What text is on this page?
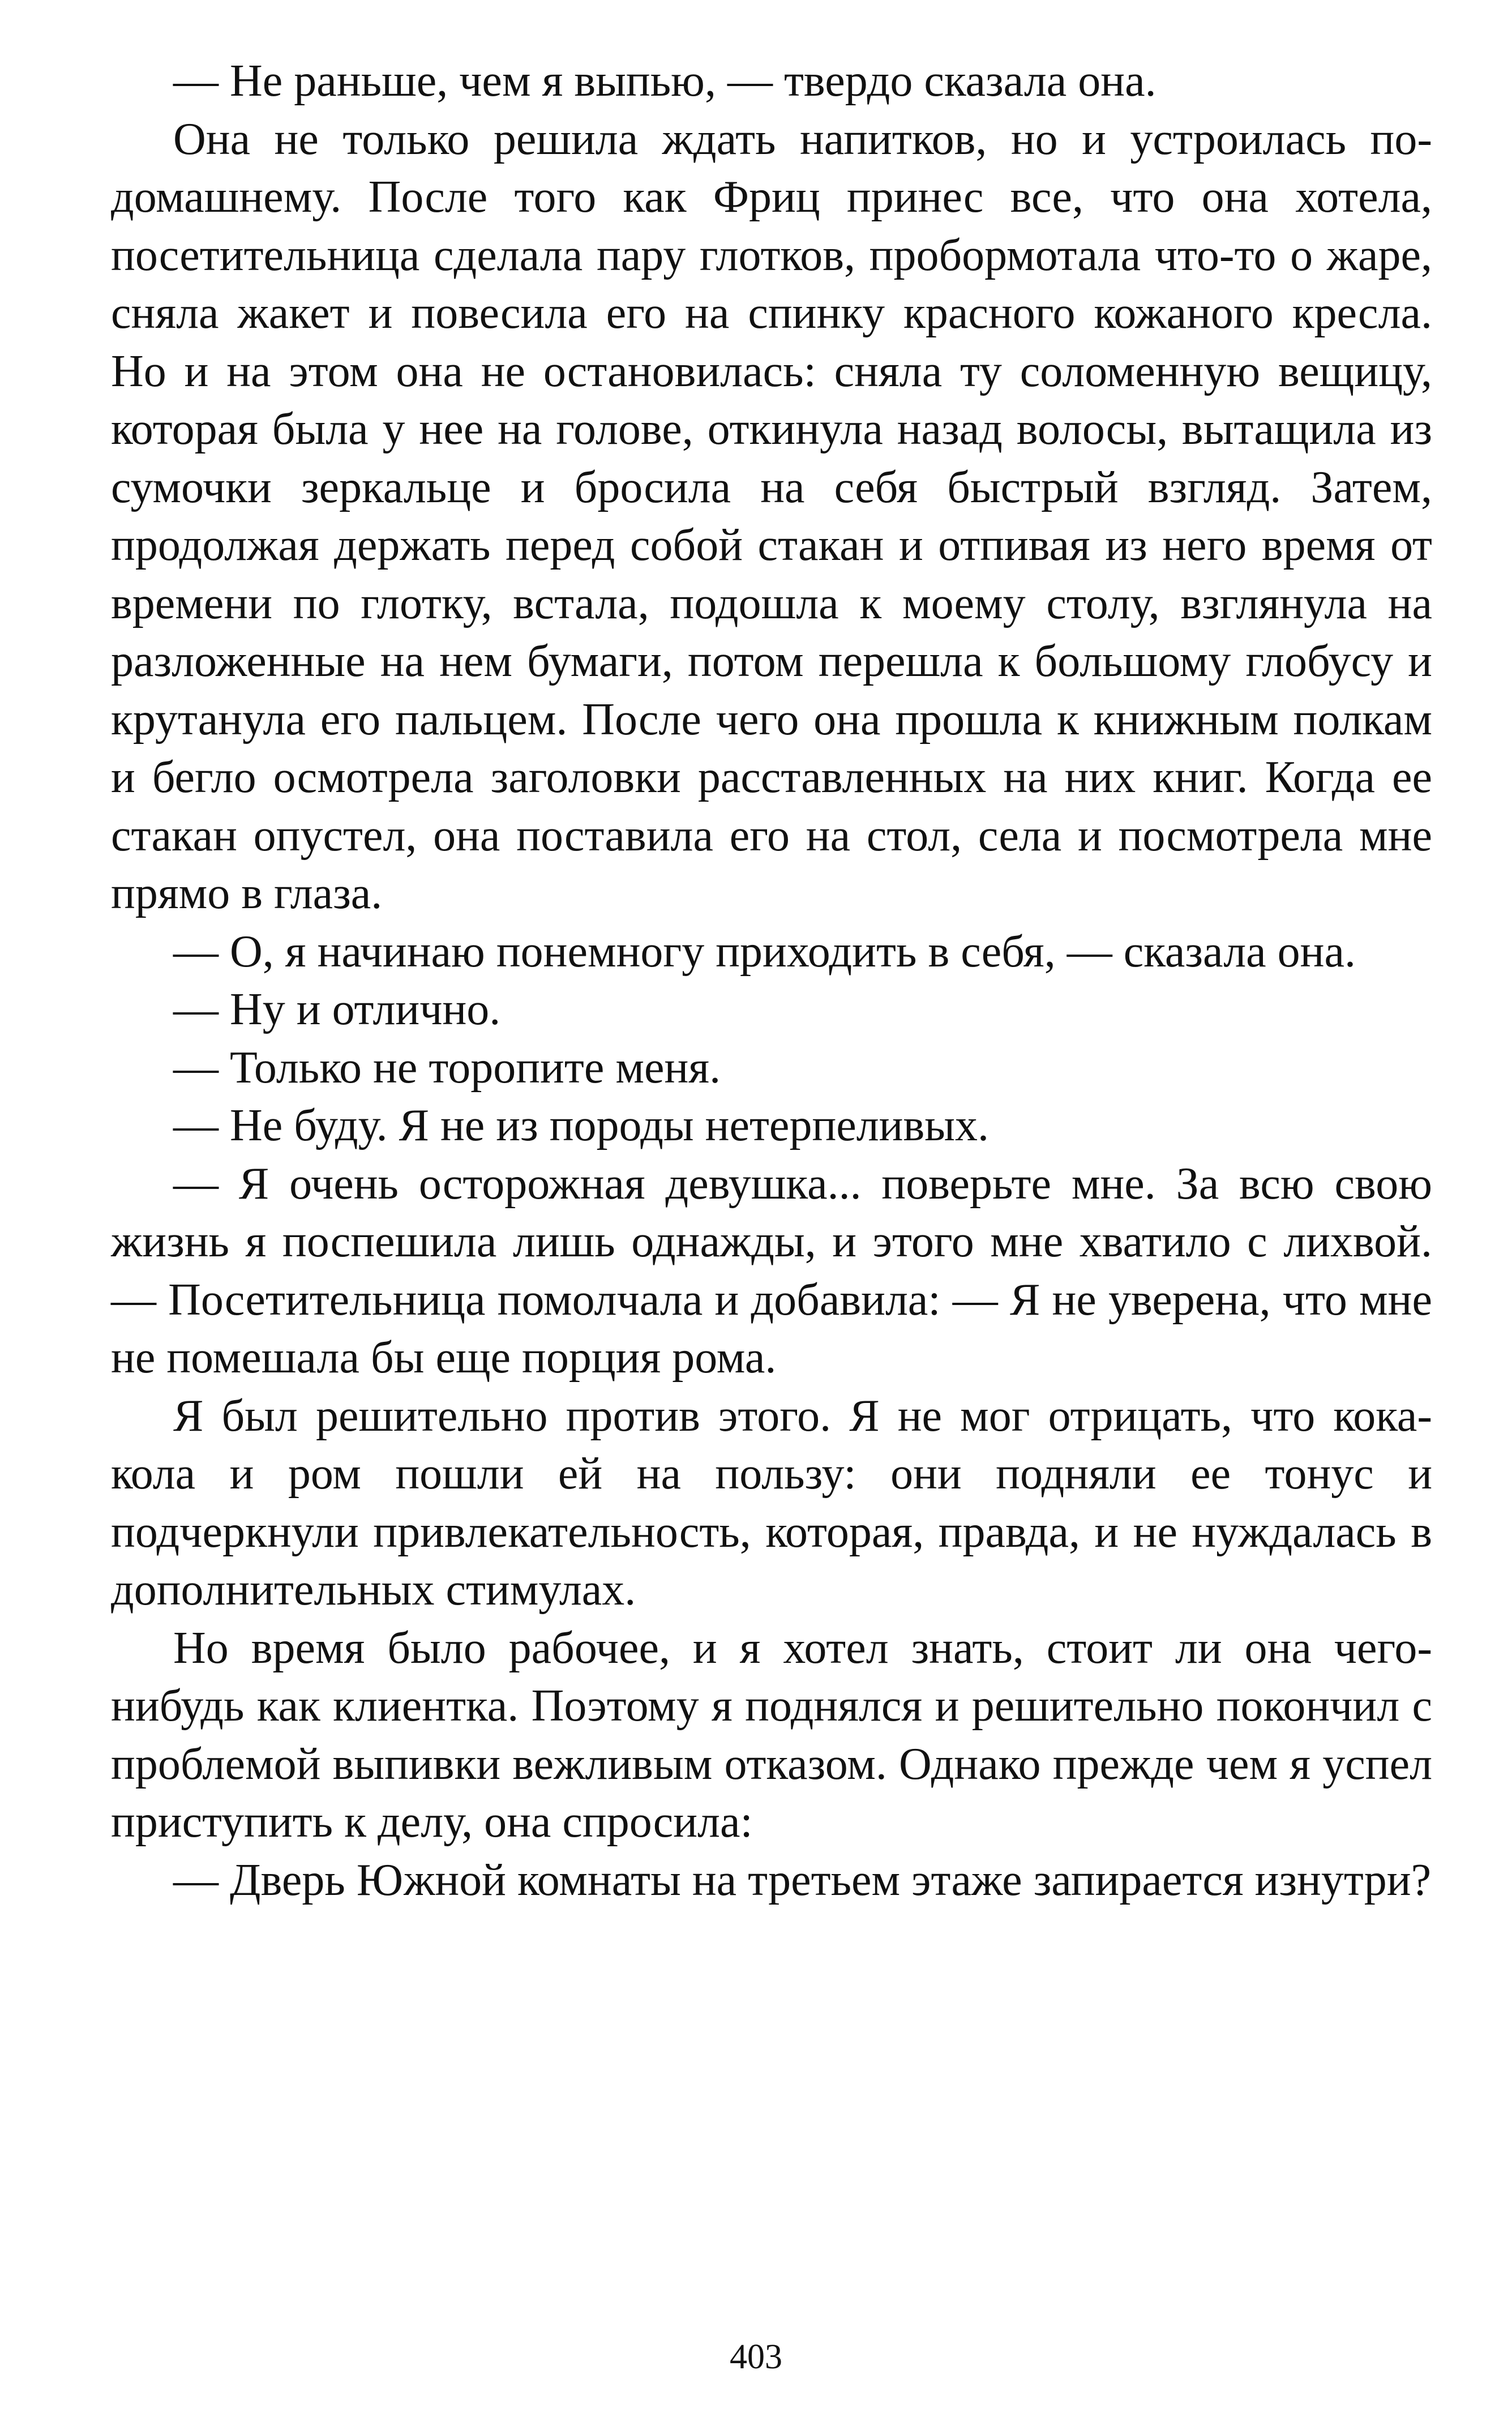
— Не раньше, чем я выпью, — твердо сказала она.

Она не только решила ждать напитков, но и устроилась по-домашнему. После того как Фриц принес все, что она хотела, посетительница сделала пару глотков, пробормотала что-то о жаре, сняла жакет и повесила его на спинку красного кожаного кресла. Но и на этом она не остановилась: сняла ту соломенную вещицу, которая была у нее на голове, откинула назад волосы, вытащила из сумочки зеркальце и бросила на себя быстрый взгляд. Затем, продолжая держать перед собой стакан и отпивая из него время от времени по глотку, встала, подошла к моему столу, взглянула на разложенные на нем бумаги, потом перешла к большому глобусу и крутанула его пальцем. После чего она прошла к книжным полкам и бегло осмотрела заголовки расставленных на них книг. Когда ее стакан опустел, она поставила его на стол, села и посмотрела мне прямо в глаза.

— О, я начинаю понемногу приходить в себя, — сказала она.

— Ну и отлично.

— Только не торопите меня.

— Не буду. Я не из породы нетерпеливых.

— Я очень осторожная девушка... поверьте мне. За всю свою жизнь я поспешила лишь однажды, и этого мне хватило с лихвой. — Посетительница помолчала и добавила: — Я не уверена, что мне не помешала бы еще порция рома.

Я был решительно против этого. Я не мог отрицать, что кока-кола и ром пошли ей на пользу: они подняли ее тонус и подчеркнули привлекательность, которая, правда, и не нуждалась в дополнительных стимулах.

Но время было рабочее, и я хотел знать, стоит ли она чего-нибудь как клиентка. Поэтому я поднялся и решительно покончил с проблемой выпивки вежливым отказом. Однако прежде чем я успел приступить к делу, она спросила:

— Дверь Южной комнаты на третьем этаже запирается изнутри?

403
